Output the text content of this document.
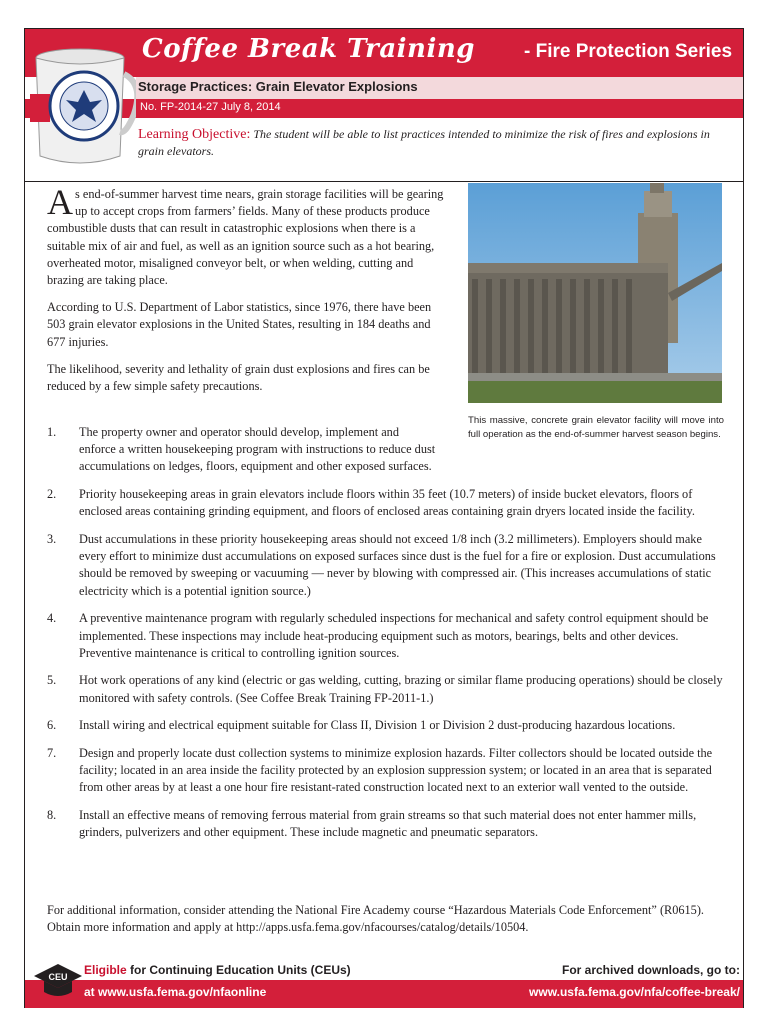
Coffee Break Training	- Fire Protection Series
Storage Practices: Grain Elevator Explosions
No. FP-2014-27 July 8, 2014
Learning Objective: The student will be able to list practices intended to minimize the risk of fires and explosions in grain elevators.

As end-of-summer harvest time nears, grain storage facilities will be gearing up to accept crops from farmers’ fields. Many of these products produce combustible dusts that can result in catastrophic explosions when there is a suitable mix of air and fuel, as well as an ignition source such as a hot bearing, overheated motor, misaligned conveyor belt, or when welding, cutting and brazing are taking place.

According to U.S. Department of Labor statistics, since 1976, there have been 503 grain elevator explosions in the United States, resulting in 184 deaths and 677 injuries.

The likelihood, severity and lethality of grain dust explosions and fires can be reduced by a few simple safety precautions.

This massive, concrete grain elevator facility will move into full operation as the end-of-summer harvest season begins.
1. The property owner and operator should develop, implement and enforce a written housekeeping program with instructions to reduce dust accumulations on ledges, floors, equipment and other exposed surfaces.
2. Priority housekeeping areas in grain elevators include floors within 35 feet (10.7 meters) of inside bucket elevators, floors of enclosed areas containing grinding equipment, and floors of enclosed areas containing grain dryers located inside the facility.
3. Dust accumulations in these priority housekeeping areas should not exceed 1/8 inch (3.2 millimeters). Employers should make every effort to minimize dust accumulations on exposed surfaces since dust is the fuel for a fire or explosion. Dust accumulations should be removed by sweeping or vacuuming — never by blowing with compressed air. (This increases accumulations of static electricity which is a potential ignition source.)
4. A preventive maintenance program with regularly scheduled inspections for mechanical and safety control equipment should be implemented. These inspections may include heat-producing equipment such as motors, bearings, belts and other devices. Preventive maintenance is critical to controlling ignition sources.
5. Hot work operations of any kind (electric or gas welding, cutting, brazing or similar flame producing operations) should be closely monitored with safety controls. (See Coffee Break Training FP-2011-1.)
6. Install wiring and electrical equipment suitable for Class II, Division 1 or Division 2 dust-producing hazardous locations.
7. Design and properly locate dust collection systems to minimize explosion hazards. Filter collectors should be located outside the facility; located in an area inside the facility protected by an explosion suppression system; or located in an area that is separated from other areas by at least a one hour fire resistant-rated construction located next to an exterior wall vented to the outside.
8. Install an effective means of removing ferrous material from grain streams so that such material does not enter hammer mills, grinders, pulverizers and other equipment. These include magnetic and pneumatic separators.
For additional information, consider attending the National Fire Academy course “Hazardous Materials Code Enforcement” (R0615). Obtain more information and apply at http://apps.usfa.fema.gov/nfacourses/catalog/details/10504.
CEU Eligible for Continuing Education Units (CEUs)
at www.usfa.fema.gov/nfaonline
For archived downloads, go to:
www.usfa.fema.gov/nfa/coffee-break/
